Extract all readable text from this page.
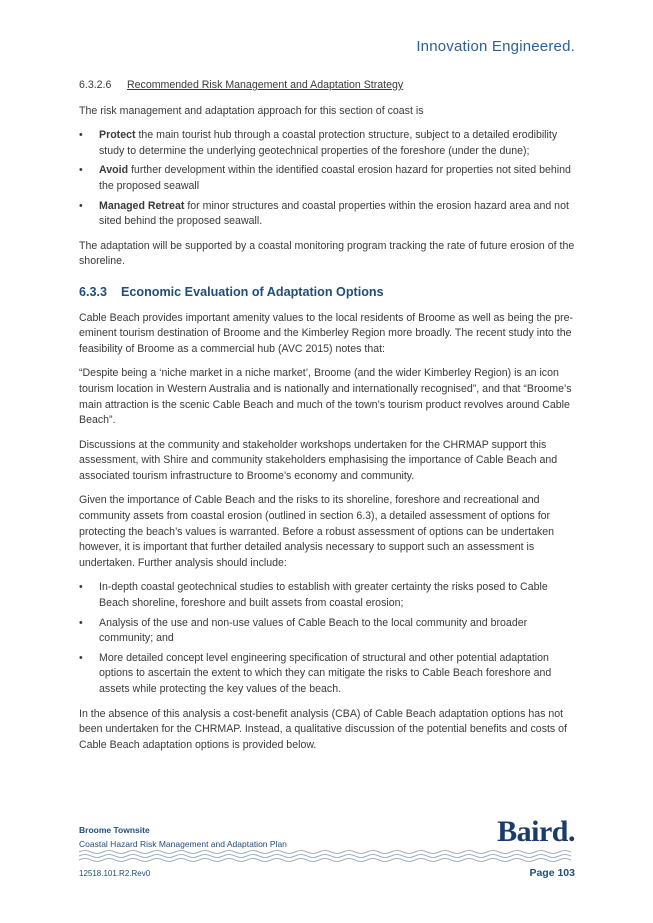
Innovation Engineered.
6.3.2.6 Recommended Risk Management and Adaptation Strategy

The risk management and adaptation approach for this section of coast is

• Protect the main tourist hub through a coastal protection structure, subject to a detailed erodibility study to determine the underlying geotechnical properties of the foreshore (under the dune);
• Avoid further development within the identified coastal erosion hazard for properties not sited behind the proposed seawall
• Managed Retreat for minor structures and coastal properties within the erosion hazard area and not sited behind the proposed seawall.

The adaptation will be supported by a coastal monitoring program tracking the rate of future erosion of the shoreline.

6.3.3 Economic Evaluation of Adaptation Options

Cable Beach provides important amenity values to the local residents of Broome as well as being the pre-eminent tourism destination of Broome and the Kimberley Region more broadly. The recent study into the feasibility of Broome as a commercial hub (AVC 2015) notes that:

“Despite being a ‘niche market in a niche market’, Broome (and the wider Kimberley Region) is an icon tourism location in Western Australia and is nationally and internationally recognised”, and that “Broome’s main attraction is the scenic Cable Beach and much of the town’s tourism product revolves around Cable Beach”.

Discussions at the community and stakeholder workshops undertaken for the CHRMAP support this assessment, with Shire and community stakeholders emphasising the importance of Cable Beach and associated tourism infrastructure to Broome’s economy and community.

Given the importance of Cable Beach and the risks to its shoreline, foreshore and recreational and community assets from coastal erosion (outlined in section 6.3), a detailed assessment of options for protecting the beach’s values is warranted. Before a robust assessment of options can be undertaken however, it is important that further detailed analysis necessary to support such an assessment is undertaken. Further analysis should include:

• In-depth coastal geotechnical studies to establish with greater certainty the risks posed to Cable Beach shoreline, foreshore and built assets from coastal erosion;
• Analysis of the use and non-use values of Cable Beach to the local community and broader community; and
• More detailed concept level engineering specification of structural and other potential adaptation options to ascertain the extent to which they can mitigate the risks to Cable Beach foreshore and assets while protecting the key values of the beach.

In the absence of this analysis a cost-benefit analysis (CBA) of Cable Beach adaptation options has not been undertaken for the CHRMAP. Instead, a qualitative discussion of the potential benefits and costs of Cable Beach adaptation options is provided below.

Broome Townsite
Coastal Hazard Risk Management and Adaptation Plan	Baird.
12518.101.R2.Rev0	Page 103
